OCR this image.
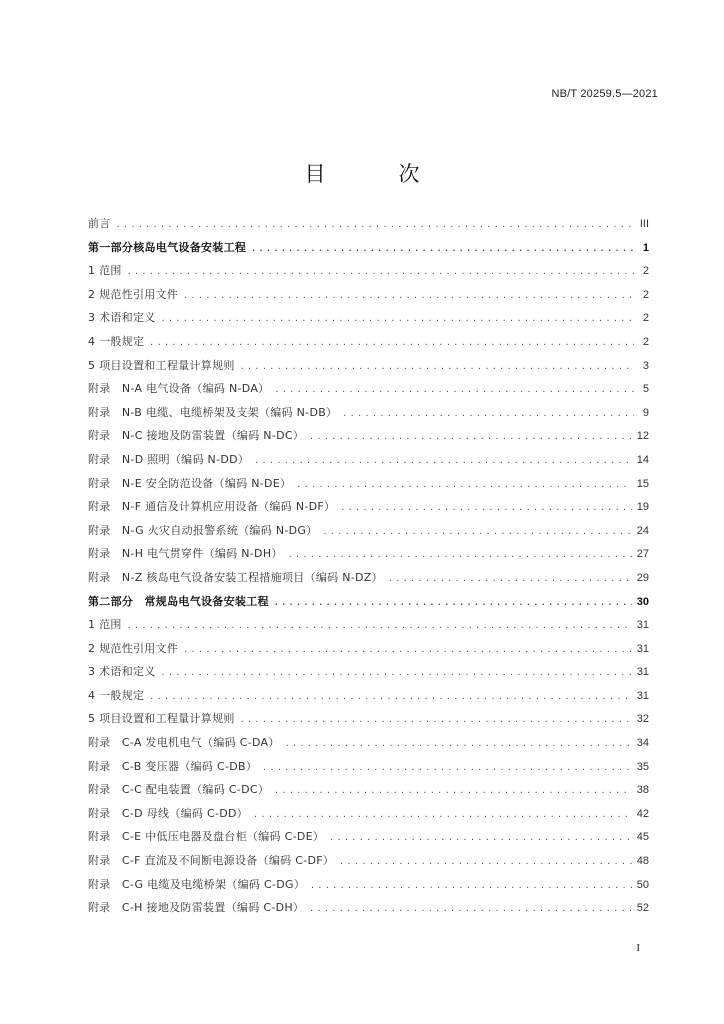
NB/T 20259.5—2021
目　次
前言 .....	III
第一部分核岛电气设备安装工程 .....	1
1 范围 .....	2
2 规范性引用文件 .....	2
3 术语和定义 .....	2
4 一般规定 .....	2
5 项目设置和工程量计算规则 .....	3
附录　N-A 电气设备（编码 N-DA） .....	5
附录　N-B 电缆、电缆桥架及支架（编码 N-DB） .....	9
附录　N-C 接地及防雷装置（编码 N-DC） .....	12
附录　N-D 照明（编码 N-DD） .....	14
附录　N-E 安全防范设备（编码 N-DE） .....	15
附录　N-F 通信及计算机应用设备（编码 N-DF） .....	19
附录　N-G 火灾自动报警系统（编码 N-DG） .....	24
附录　N-H 电气贯穿件（编码 N-DH） .....	27
附录　N-Z 核岛电气设备安装工程措施项目（编码 N-DZ） .....	29
第二部分　常规岛电气设备安装工程 .....	30
1 范围 .....	31
2 规范性引用文件 .....	31
3 术语和定义 .....	31
4 一般规定 .....	31
5 项目设置和工程量计算规则 .....	32
附录　C-A 发电机电气（编码 C-DA） .....	34
附录　C-B 变压器（编码 C-DB） .....	35
附录　C-C 配电装置（编码 C-DC） .....	38
附录　C-D 母线（编码 C-DD） .....	42
附录　C-E 中低压电器及盘台柜（编码 C-DE） .....	45
附录　C-F 直流及不间断电源设备（编码 C-DF） .....	48
附录　C-G 电缆及电缆桥架（编码 C-DG） .....	50
附录　C-H 接地及防雷装置（编码 C-DH） .....	52
I
